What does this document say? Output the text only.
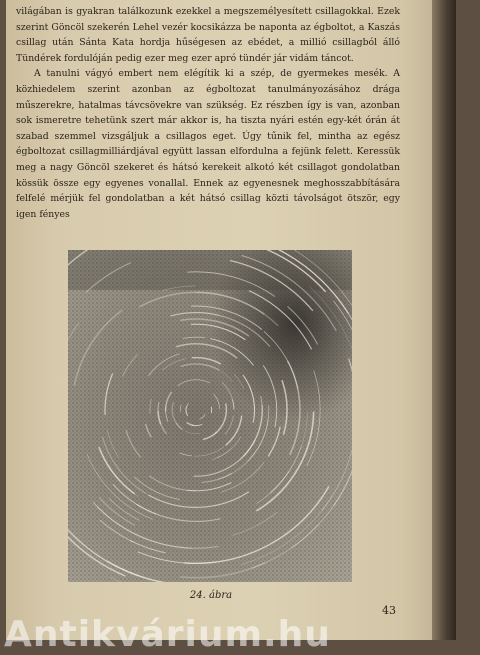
világában is gyakran találkozunk ezekkel a megszemélyesített csillagokkal. Ezek szerint Göncöl szekerén Lehel vezér kocsikázza be naponta az égboltot, a Kaszás csillag után Sánta Kata hordja hűségesen az ebédet, a millió csillagból álló Tündérek fordulóján pedig ezer meg ezer apró tündér jár vidám táncot.

A tanulni vágyó embert nem elégítik ki a szép, de gyermekes mesék. A közhiedelem szerint azonban az égboltozat tanulmányozásához drága műszerekre, hatalmas távcsövekre van szükség. Ez részben így is van, azonban sok ismeretre tehetünk szert már akkor is, ha tiszta nyári estén egy-két órán át szabad szemmel vizsgáljuk a csillagos eget. Úgy tűnik fel, mintha az egész égboltozat csillagmilliárdjával együtt lassan elfordulna a fejünk felett. Keressük meg a nagy Göncöl szekeret és hátsó kerekeit alkotó két csillagot gondolatban kössük össze egy egyenes vonallal. Ennek az egyenesnek meghosszabbítására felfelé mérjük fel gondolatban a két hátsó csillag közti távolságot ötször, egy igen fényes

24. ábra
43
Antikvárium.hu
